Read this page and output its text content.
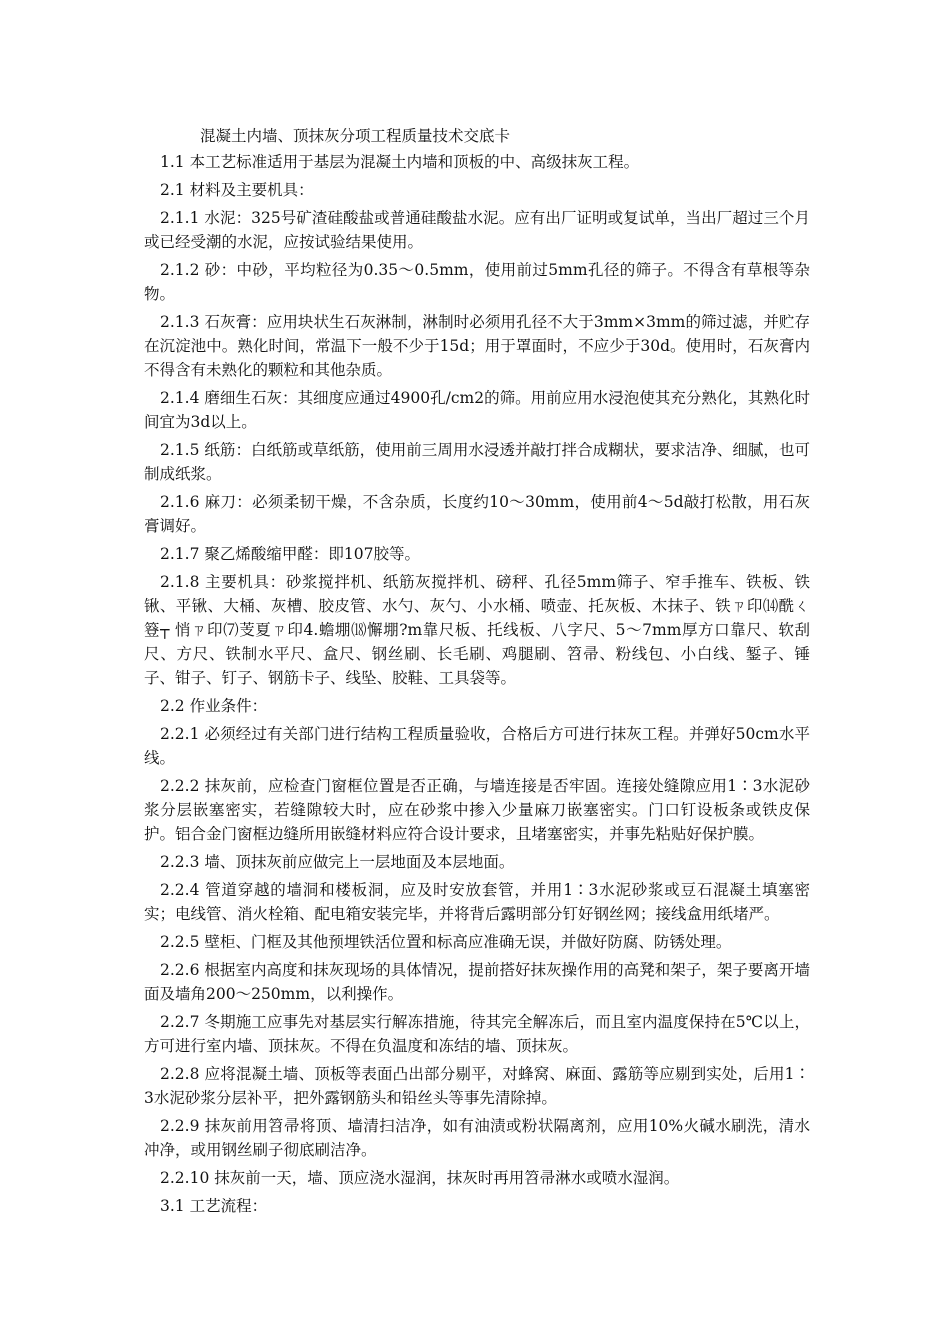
混凝土内墙、顶抹灰分项工程质量技术交底卡

1.1 本工艺标准适用于基层为混凝土内墙和顶板的中、高级抹灰工程。

2.1 材料及主要机具：

2.1.1 水泥：325号矿渣硅酸盐或普通硅酸盐水泥。应有出厂证明或复试单，当出厂超过三个月或已经受潮的水泥，应按试验结果使用。

2.1.2 砂：中砂，平均粒径为0.35～0.5mm，使用前过5mm孔径的筛子。不得含有草根等杂物。

2.1.3 石灰膏：应用块状生石灰淋制，淋制时必须用孔径不大于3mm×3mm的筛过滤，并贮存在沉淀池中。熟化时间，常温下一般不少于15d；用于罩面时，不应少于30d。使用时，石灰膏内不得含有未熟化的颗粒和其他杂质。

2.1.4 磨细生石灰：其细度应通过4900孔/cm2的筛。用前应用水浸泡使其充分熟化，其熟化时间宜为3d以上。

2.1.5 纸筋：白纸筋或草纸筋，使用前三周用水浸透并敲打拌合成糊状，要求洁净、细腻，也可制成纸浆。

2.1.6 麻刀：必须柔韧干燥，不含杂质，长度约10～30mm，使用前4～5d敲打松散，用石灰膏调好。

2.1.7 聚乙烯酸缩甲醛：即107胶等。

2.1.8 主要机具：砂浆搅拌机、纸筋灰搅拌机、磅秤、孔径5mm筛子、窄手推车、铁板、铁锹、平锹、大桶、灰槽、胶皮管、水勺、灰勺、小水桶、喷壶、托灰板、木抹子、铁ㄗ印⒁酰ㄑ簦┬ 悄ㄗ印⑺芰夏ㄗ印4.蟾堋⒅懈堋?m靠尺板、托线板、八字尺、5～7mm厚方口靠尺、软刮尺、方尺、铁制水平尺、盒尺、钢丝刷、长毛刷、鸡腿刷、笤帚、粉线包、小白线、錾子、锤子、钳子、钉子、钢筋卡子、线坠、胶鞋、工具袋等。

2.2 作业条件：

2.2.1 必须经过有关部门进行结构工程质量验收，合格后方可进行抹灰工程。并弹好50cm水平线。

2.2.2 抹灰前，应检查门窗框位置是否正确，与墙连接是否牢固。连接处缝隙应用1∶3水泥砂浆分层嵌塞密实，若缝隙较大时，应在砂浆中掺入少量麻刀嵌塞密实。门口钉设板条或铁皮保护。铝合金门窗框边缝所用嵌缝材料应符合设计要求，且堵塞密实，并事先粘贴好保护膜。

2.2.3 墙、顶抹灰前应做完上一层地面及本层地面。

2.2.4 管道穿越的墙洞和楼板洞，应及时安放套管，并用1∶3水泥砂浆或豆石混凝土填塞密实；电线管、消火栓箱、配电箱安装完毕，并将背后露明部分钉好钢丝网；接线盒用纸堵严。

2.2.5 壁柜、门框及其他预埋铁活位置和标高应准确无误，并做好防腐、防锈处理。

2.2.6 根据室内高度和抹灰现场的具体情况，提前搭好抹灰操作用的高凳和架子，架子要离开墙面及墙角200～250mm，以利操作。

2.2.7 冬期施工应事先对基层实行解冻措施，待其完全解冻后，而且室内温度保持在5℃以上，方可进行室内墙、顶抹灰。不得在负温度和冻结的墙、顶抹灰。

2.2.8 应将混凝土墙、顶板等表面凸出部分剔平，对蜂窝、麻面、露筋等应剔到实处，后用1∶3水泥砂浆分层补平，把外露钢筋头和铅丝头等事先清除掉。

2.2.9 抹灰前用笤帚将顶、墙清扫洁净，如有油渍或粉状隔离剂，应用10%火碱水刷洗，清水冲净，或用钢丝刷子彻底刷洁净。

2.2.10 抹灰前一天，墙、顶应浇水湿润，抹灰时再用笤帚淋水或喷水湿润。

3.1 工艺流程：
